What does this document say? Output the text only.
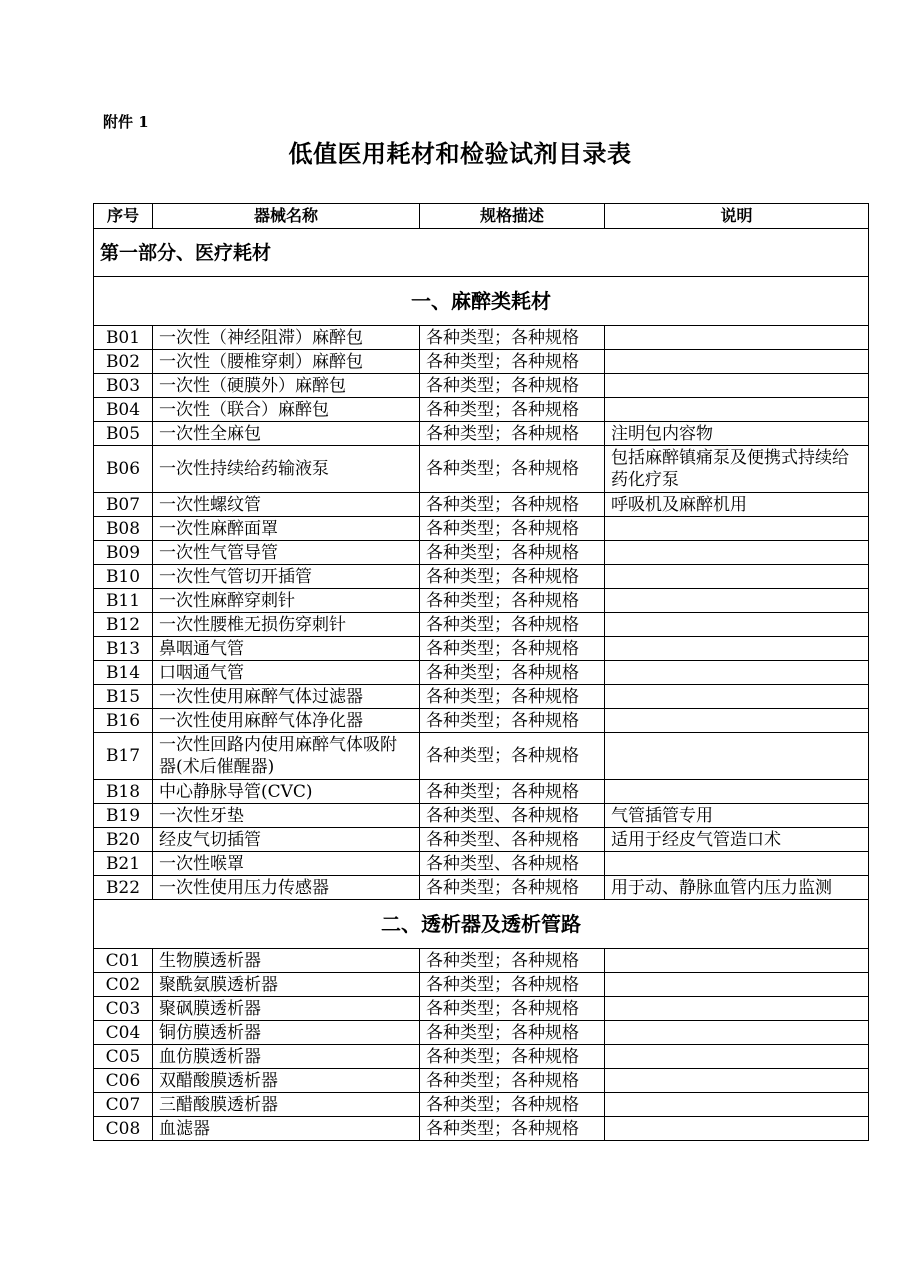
附件 1
低值医用耗材和检验试剂目录表
序号	器械名称	规格描述	说明
第一部分、医疗耗材			
一、麻醉类耗材			
B01	一次性（神经阻滞）麻醉包	各种类型；各种规格	
B02	一次性（腰椎穿刺）麻醉包	各种类型；各种规格	
B03	一次性（硬膜外）麻醉包	各种类型；各种规格	
B04	一次性（联合）麻醉包	各种类型；各种规格	
B05	一次性全麻包	各种类型；各种规格	注明包内容物
B06	一次性持续给药输液泵	各种类型；各种规格	包括麻醉镇痛泵及便携式持续给药化疗泵
B07	一次性螺纹管	各种类型；各种规格	呼吸机及麻醉机用
B08	一次性麻醉面罩	各种类型；各种规格	
B09	一次性气管导管	各种类型；各种规格	
B10	一次性气管切开插管	各种类型；各种规格	
B11	一次性麻醉穿刺针	各种类型；各种规格	
B12	一次性腰椎无损伤穿刺针	各种类型；各种规格	
B13	鼻咽通气管	各种类型；各种规格	
B14	口咽通气管	各种类型；各种规格	
B15	一次性使用麻醉气体过滤器	各种类型；各种规格	
B16	一次性使用麻醉气体净化器	各种类型；各种规格	
B17	一次性回路内使用麻醉气体吸附器(术后催醒器)	各种类型；各种规格	
B18	中心静脉导管(CVC)	各种类型；各种规格	
B19	一次性牙垫	各种类型、各种规格	气管插管专用
B20	经皮气切插管	各种类型、各种规格	适用于经皮气管造口术
B21	一次性喉罩	各种类型、各种规格	
B22	一次性使用压力传感器	各种类型；各种规格	用于动、静脉血管内压力监测
二、透析器及透析管路			
C01	生物膜透析器	各种类型；各种规格	
C02	聚酰氨膜透析器	各种类型；各种规格	
C03	聚砜膜透析器	各种类型；各种规格	
C04	铜仿膜透析器	各种类型；各种规格	
C05	血仿膜透析器	各种类型；各种规格	
C06	双醋酸膜透析器	各种类型；各种规格	
C07	三醋酸膜透析器	各种类型；各种规格	
C08	血滤器	各种类型；各种规格	
